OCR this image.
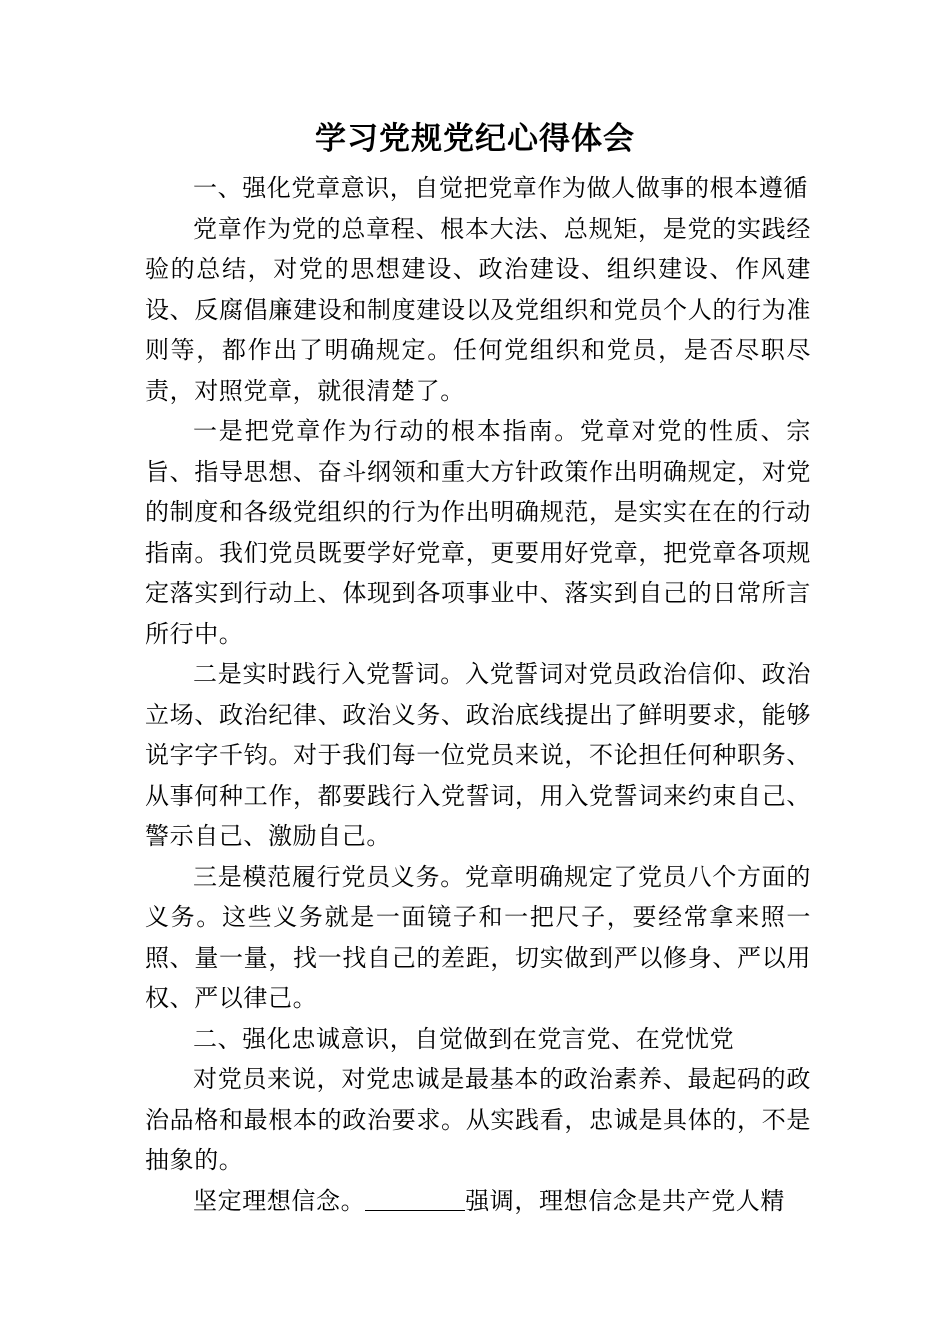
学习党规党纪心得体会

一、强化党章意识，自觉把党章作为做人做事的根本遵循

党章作为党的总章程、根本大法、总规矩，是党的实践经验的总结，对党的思想建设、政治建设、组织建设、作风建设、反腐倡廉建设和制度建设以及党组织和党员个人的行为准则等，都作出了明确规定。任何党组织和党员，是否尽职尽责，对照党章，就很清楚了。

一是把党章作为行动的根本指南。党章对党的性质、宗旨、指导思想、奋斗纲领和重大方针政策作出明确规定，对党的制度和各级党组织的行为作出明确规范，是实实在在的行动指南。我们党员既要学好党章，更要用好党章，把党章各项规定落实到行动上、体现到各项事业中、落实到自己的日常所言所行中。

二是实时践行入党誓词。入党誓词对党员政治信仰、政治立场、政治纪律、政治义务、政治底线提出了鲜明要求，能够说字字千钧。对于我们每一位党员来说，不论担任何种职务、从事何种工作，都要践行入党誓词，用入党誓词来约束自己、警示自己、激励自己。

三是模范履行党员义务。党章明确规定了党员八个方面的义务。这些义务就是一面镜子和一把尺子，要经常拿来照一照、量一量，找一找自己的差距，切实做到严以修身、严以用权、严以律己。

二、强化忠诚意识，自觉做到在党言党、在党忧党

对党员来说，对党忠诚是最基本的政治素养、最起码的政治品格和最根本的政治要求。从实践看，忠诚是具体的，不是抽象的。

坚定理想信念。	强调，理想信念是共产党人精
